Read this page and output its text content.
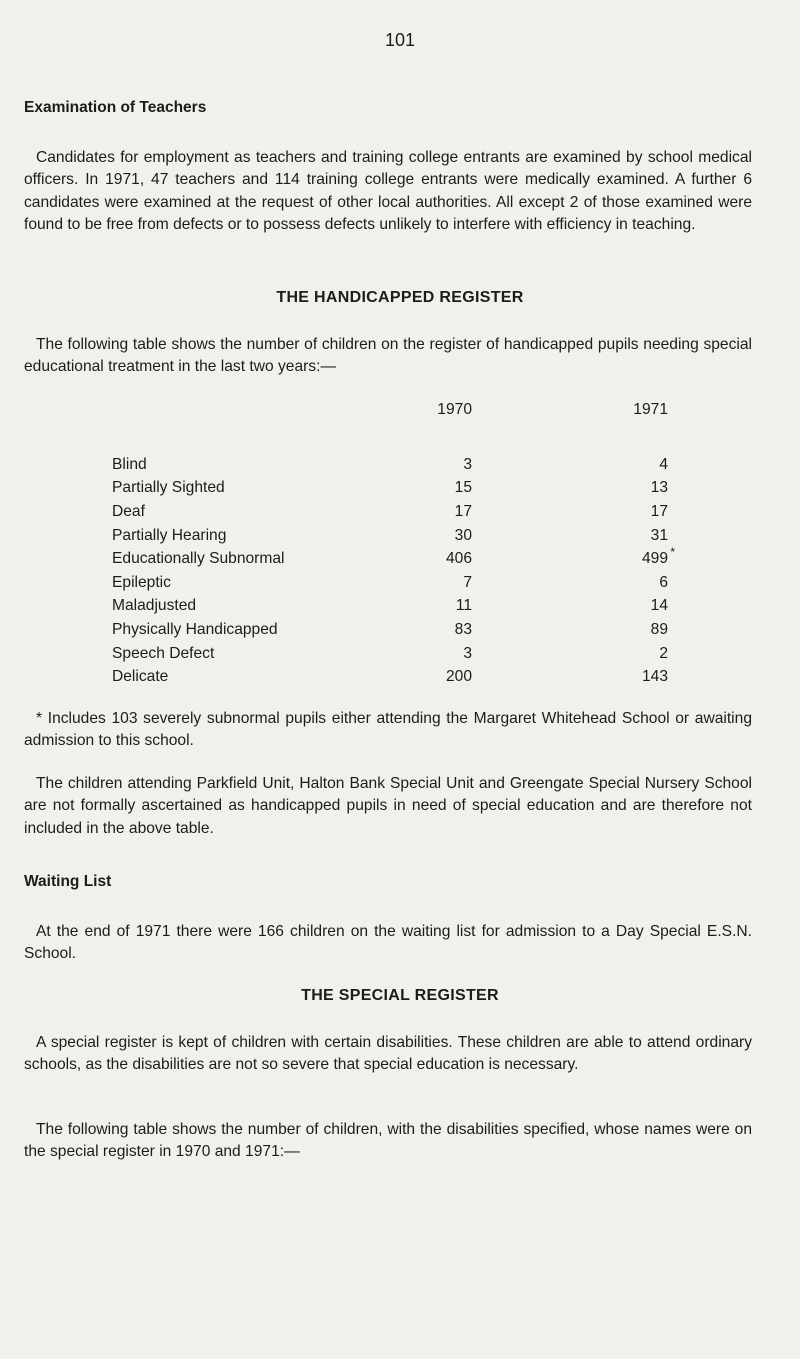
101
Examination of Teachers
Candidates for employment as teachers and training college entrants are examined by school medical officers. In 1971, 47 teachers and 114 training college entrants were medically examined. A further 6 candidates were examined at the request of other local authorities. All except 2 of those examined were found to be free from defects or to possess defects unlikely to interfere with efficiency in teaching.
THE HANDICAPPED REGISTER
The following table shows the number of children on the register of handicapped pupils needing special educational treatment in the last two years:—
	1970	1971
Blind	3	4
Partially Sighted	15	13
Deaf	17	17
Partially Hearing	30	31
Educationally Subnormal	406	499 *

Epileptic	7	6
Maladjusted	11	14
Physically Handicapped	83	89
Speech Defect	3	2
Delicate	200	143
* Includes 103 severely subnormal pupils either attending the Margaret Whitehead School or awaiting admission to this school.
The children attending Parkfield Unit, Halton Bank Special Unit and Greengate Special Nursery School are not formally ascertained as handicapped pupils in need of special education and are therefore not included in the above table.
Waiting List
At the end of 1971 there were 166 children on the waiting list for admission to a Day Special E.S.N. School.
THE SPECIAL REGISTER
A special register is kept of children with certain disabilities. These children are able to attend ordinary schools, as the disabilities are not so severe that special education is necessary.
The following table shows the number of children, with the disabilities specified, whose names were on the special register in 1970 and 1971:—
